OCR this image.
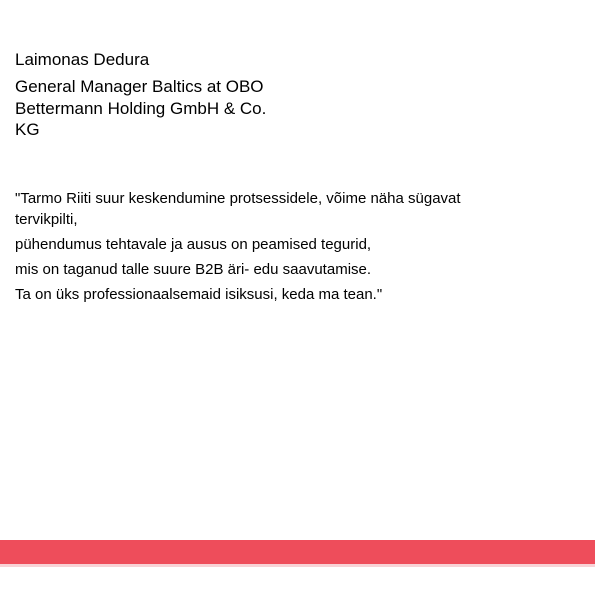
Laimonas Dedura
General Manager Baltics at OBO Bettermann Holding GmbH & Co. KG

"Tarmo Riiti suur keskendumine protsessidele, võime näha sügavat tervikpilti,

pühendumus tehtavale ja ausus on peamised tegurid,

mis on taganud talle suure B2B äri- edu saavutamise.

Ta on üks professionaalsemaid isiksusi, keda ma tean."
